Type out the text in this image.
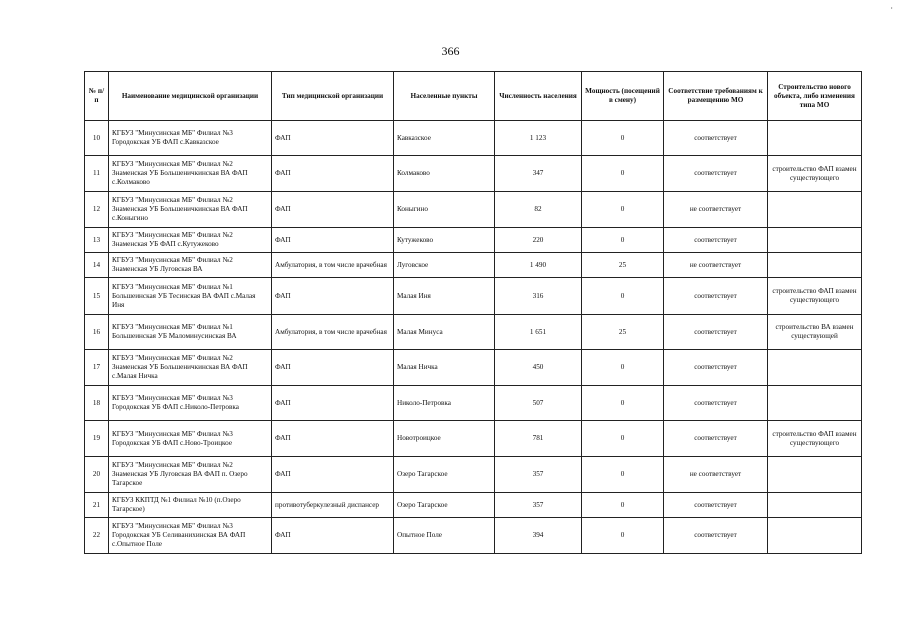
366
·
№ п/п	Наименование медицинской организации	Тип медицинской организации	Населенные пункты	Численность населения	Мощность (посещений в смену)	Соответствие требованиям к размещению МО	Строительство нового объекта, либо изменения типа МО
10	КГБУЗ "Минусинская МБ" Филиал №3 Городокская УБ ФАП с.Кавказское	ФАП	Кавказское	1 123	0	соответствует	
11	КГБУЗ "Минусинская МБ" Филиал №2 Знаменская УБ Большеничкинская ВА ФАП с.Колмаково	ФАП	Колмаково	347	0	соответствует	строительство ФАП взамен существующего
12	КГБУЗ "Минусинская МБ" Филиал №2 Знаменская УБ Большеничкинская ВА ФАП с.Коныгино	ФАП	Коныгино	82	0	не соответствует	
13	КГБУЗ "Минусинская МБ" Филиал №2 Знаменская УБ ФАП с.Кутужеково	ФАП	Кутужеково	220	0	соответствует	
14	КГБУЗ "Минусинская МБ" Филиал №2 Знаменская УБ Луговская ВА	Амбулатория, в том числе врачебная	Луговское	1 490	25	не соответствует	
15	КГБУЗ "Минусинская МБ" Филиал №1 Большеинская УБ Тесинская ВА ФАП с.Малая Иня	ФАП	Малая Иня	316	0	соответствует	строительство ФАП взамен существующего
16	КГБУЗ "Минусинская МБ" Филиал №1 Большеинская УБ Маломинусинская ВА	Амбулатория, в том числе врачебная	Малая Минуса	1 651	25	соответствует	строительство ВА взамен существующей
17	КГБУЗ "Минусинская МБ" Филиал №2 Знаменская УБ Большеничкинская ВА ФАП с.Малая Ничка	ФАП	Малая Ничка	450	0	соответствует	
18	КГБУЗ "Минусинская МБ" Филиал №3 Городокская УБ ФАП с.Николо-Петровка	ФАП	Николо-Петровка	507	0	соответствует	
19	КГБУЗ "Минусинская МБ" Филиал №3 Городокская УБ ФАП с.Ново-Троицкое	ФАП	Новотроицкое	781	0	соответствует	строительство ФАП взамен существующего
20	КГБУЗ "Минусинская МБ" Филиал №2 Знаменская УБ Луговская ВА ФАП п. Озеро Тагарское	ФАП	Озеро Тагарское	357	0	не соответствует	
21	КГБУЗ ККПТД №1 Филиал №10 (п.Озеро Тагарское)	противотуберкулезный диспансер	Озеро Тагарское	357	0	соответствует	
22	КГБУЗ "Минусинская МБ" Филиал №3 Городокская УБ Селиванихинская ВА ФАП с.Опытное Поле	ФАП	Опытное Поле	394	0	соответствует	
